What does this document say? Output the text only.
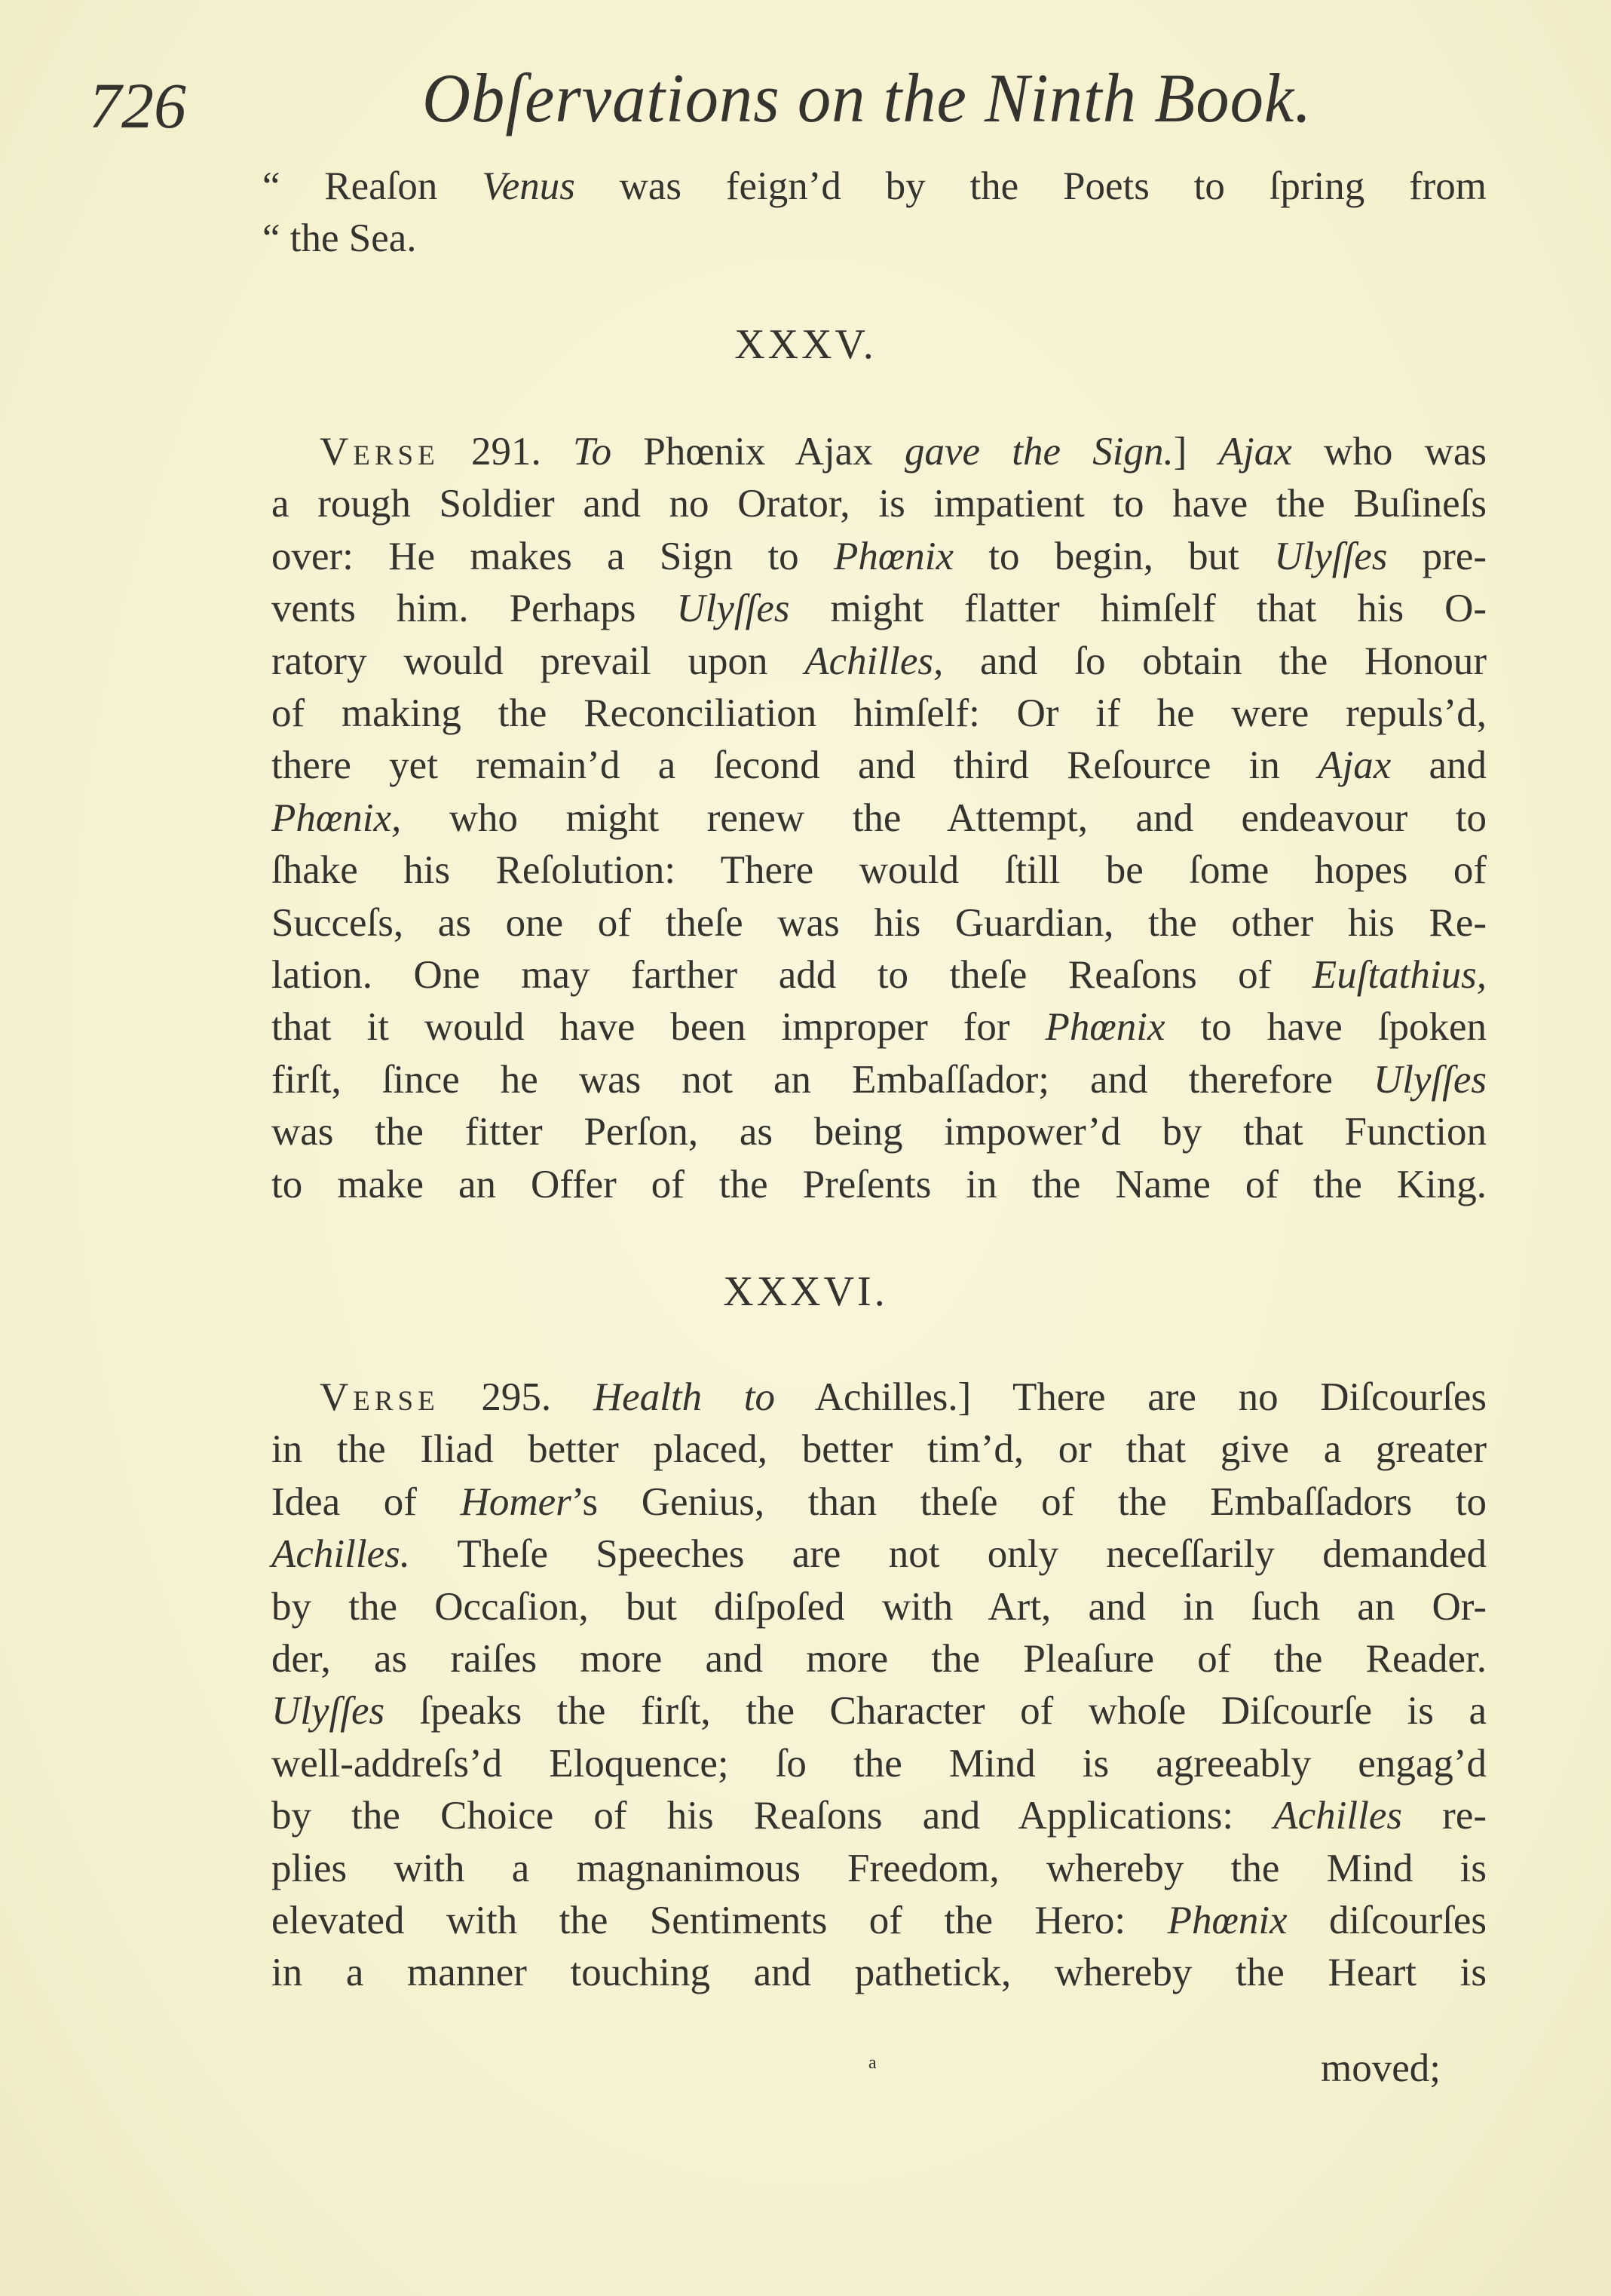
726	Obſervations on the Ninth Book.
“ Reaſon Venus was feign’d by the Poets to ſpring from
“ the Sea.
XXXV.
Verse 291. To Phœnix Ajax gave the Sign.] Ajax who was
a rough Soldier and no Orator, is impatient to have the Buſineſs
over: He makes a Sign to Phœnix to begin, but Ulyſſes pre-
vents him. Perhaps Ulyſſes might flatter himſelf that his O-
ratory would prevail upon Achilles, and ſo obtain the Honour
of making the Reconciliation himſelf: Or if he were repuls’d,
there yet remain’d a ſecond and third Reſource in Ajax and
Phœnix, who might renew the Attempt, and endeavour to
ſhake his Reſolution: There would ſtill be ſome hopes of
Succeſs, as one of theſe was his Guardian, the other his Re-
lation. One may farther add to theſe Reaſons of Euſtathius,
that it would have been improper for Phœnix to have ſpoken
firſt, ſince he was not an Embaſſador; and therefore Ulyſſes
was the fitter Perſon, as being impower’d by that Function
to make an Offer of the Preſents in the Name of the King.
XXXVI.
Verse 295. Health to Achilles.] There are no Diſcourſes
in the Iliad better placed, better tim’d, or that give a greater
Idea of Homer’s Genius, than theſe of the Embaſſadors to
Achilles. Theſe Speeches are not only neceſſarily demanded
by the Occaſion, but diſpoſed with Art, and in ſuch an Or-
der, as raiſes more and more the Pleaſure of the Reader.
Ulyſſes ſpeaks the firſt, the Character of whoſe Diſcourſe is a
well-addreſs’d Eloquence; ſo the Mind is agreeably engag’d
by the Choice of his Reaſons and Applications: Achilles re-
plies with a magnanimous Freedom, whereby the Mind is
elevated with the Sentiments of the Hero: Phœnix diſcourſes
in a manner touching and pathetick, whereby the Heart is
a	moved;
